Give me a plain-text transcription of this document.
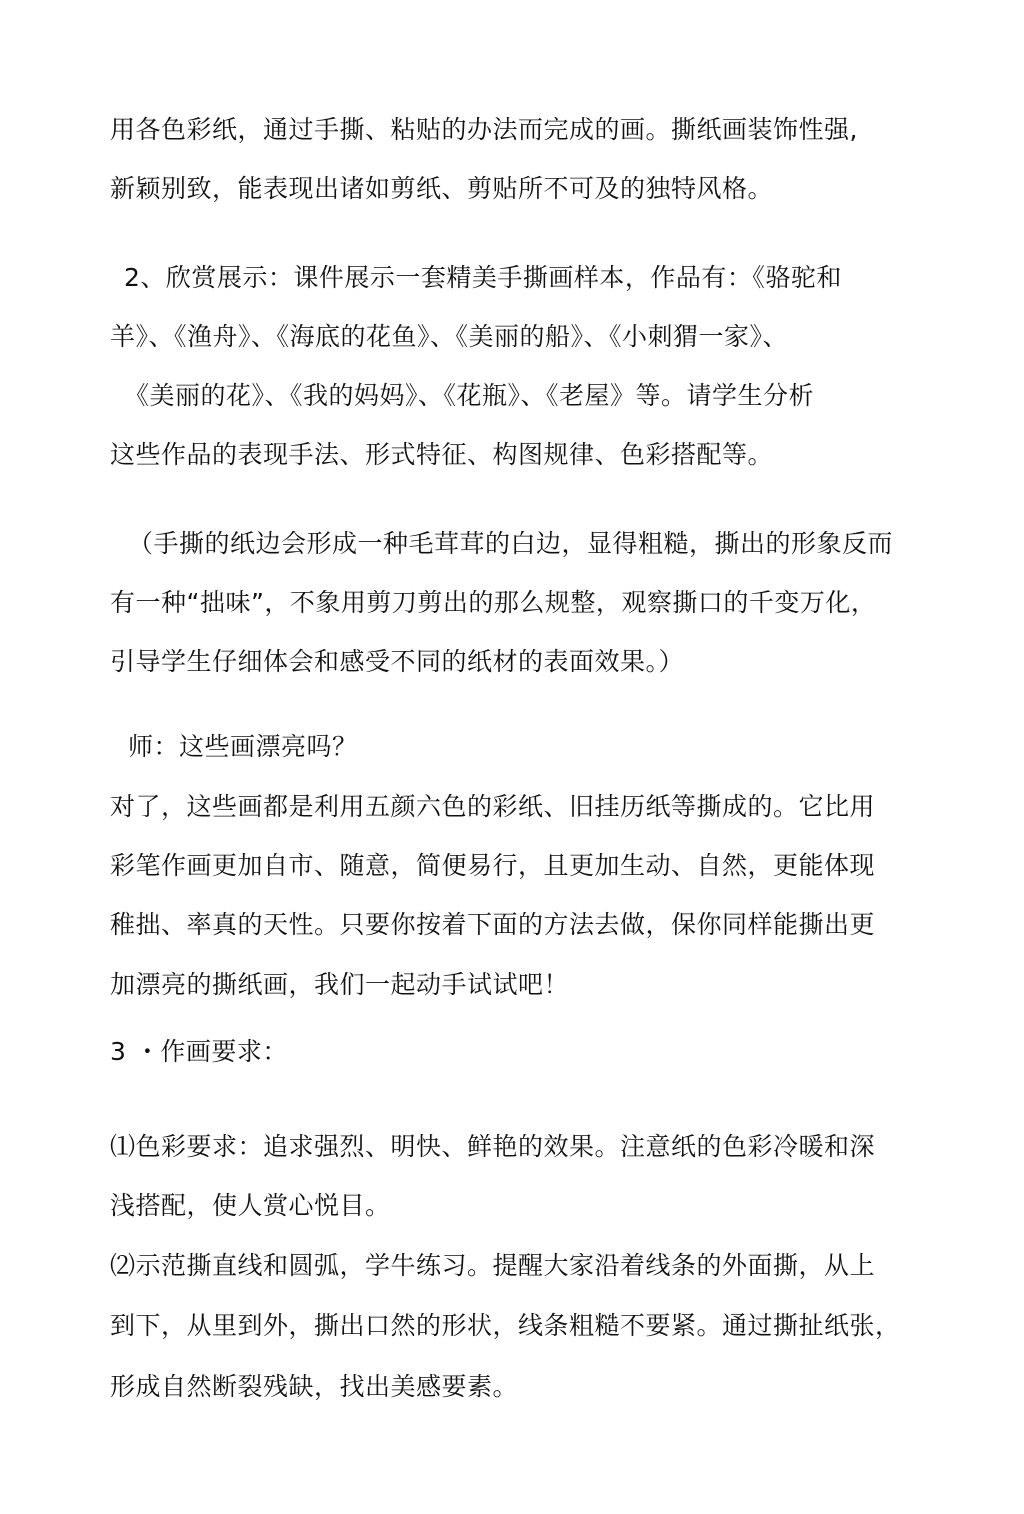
用各色彩纸，通过手撕、粘贴的办法而完成的画。撕纸画装饰性强,
新颖别致，能表现出诸如剪纸、剪贴所不可及的独特风格。
2、欣赏展示：课件展示一套精美手撕画样本，作品有：《骆驼和
羊》、《渔舟》、《海底的花鱼》、《美丽的船》、《小刺猬一家》、
《美丽的花》、《我的妈妈》、《花瓶》、《老屋》等。请学生分析
这些作品的表现手法、形式特征、构图规律、色彩搭配等。
（手撕的纸边会形成一种毛茸茸的白边，显得粗糙，撕出的形象反而
有一种“拙味”，不象用剪刀剪出的那么规整，观察撕口的千变万化，
引导学生仔细体会和感受不同的纸材的表面效果。）
师：这些画漂亮吗？
对了，这些画都是利用五颜六色的彩纸、旧挂历纸等撕成的。它比用
彩笔作画更加自市、随意，简便易行，且更加生动、自然，更能体现
稚拙、率真的天性。只要你按着下面的方法去做，保你同样能撕出更
加漂亮的撕纸画，我们一起动手试试吧！
3 ・作画要求：
⑴色彩要求：追求强烈、明快、鲜艳的效果。注意纸的色彩冷暖和深
浅搭配，使人赏心悦目。
⑵示范撕直线和圆弧，学牛练习。提醒大家沿着线条的外面撕，从上
到下，从里到外，撕出口然的形状，线条粗糙不要紧。通过撕扯纸张，
形成自然断裂残缺，找出美感要素。
